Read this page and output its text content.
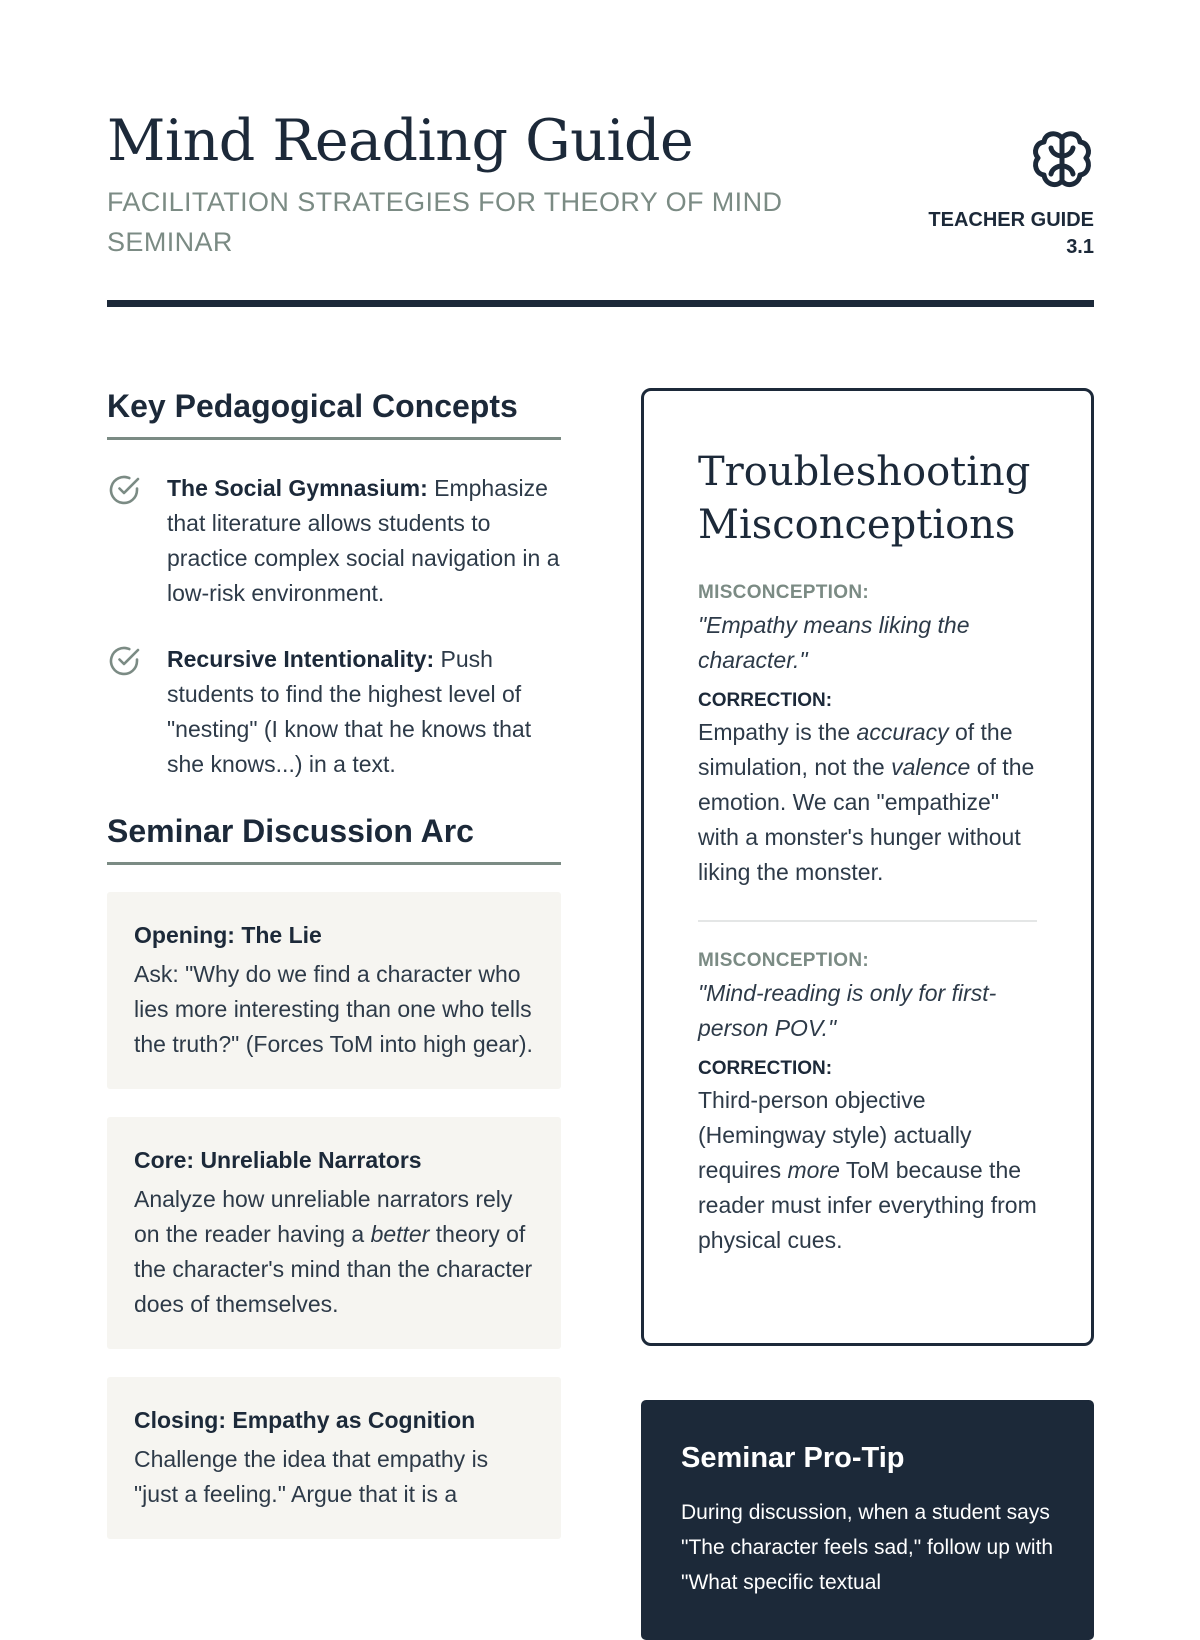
Mind Reading Guide

FACILITATION STRATEGIES FOR THEORY OF MIND SEMINAR

TEACHER GUIDE
3.1
Key Pedagogical Concepts
The Social Gymnasium: Emphasize that literature allows students to practice complex social navigation in a low-risk environment.
Recursive Intentionality: Push students to find the highest level of "nesting" (I know that he knows that she knows...) in a text.
Seminar Discussion Arc
Opening: The Lie
Ask: "Why do we find a character who lies more interesting than one who tells the truth?" (Forces ToM into high gear).
Core: Unreliable Narrators
Analyze how unreliable narrators rely on the reader having a better theory of the character's mind than the character does of themselves.
Closing: Empathy as Cognition
Challenge the idea that empathy is "just a feeling." Argue that it is a
Troubleshooting Misconceptions
MISCONCEPTION:
"Empathy means liking the character."
CORRECTION:
Empathy is the accuracy of the simulation, not the valence of the emotion. We can "empathize" with a monster's hunger without liking the monster.
MISCONCEPTION:
"Mind-reading is only for first-person POV."
CORRECTION:
Third-person objective (Hemingway style) actually requires more ToM because the reader must infer everything from physical cues.
Seminar Pro-Tip
During discussion, when a student says "The character feels sad," follow up with "What specific textual
